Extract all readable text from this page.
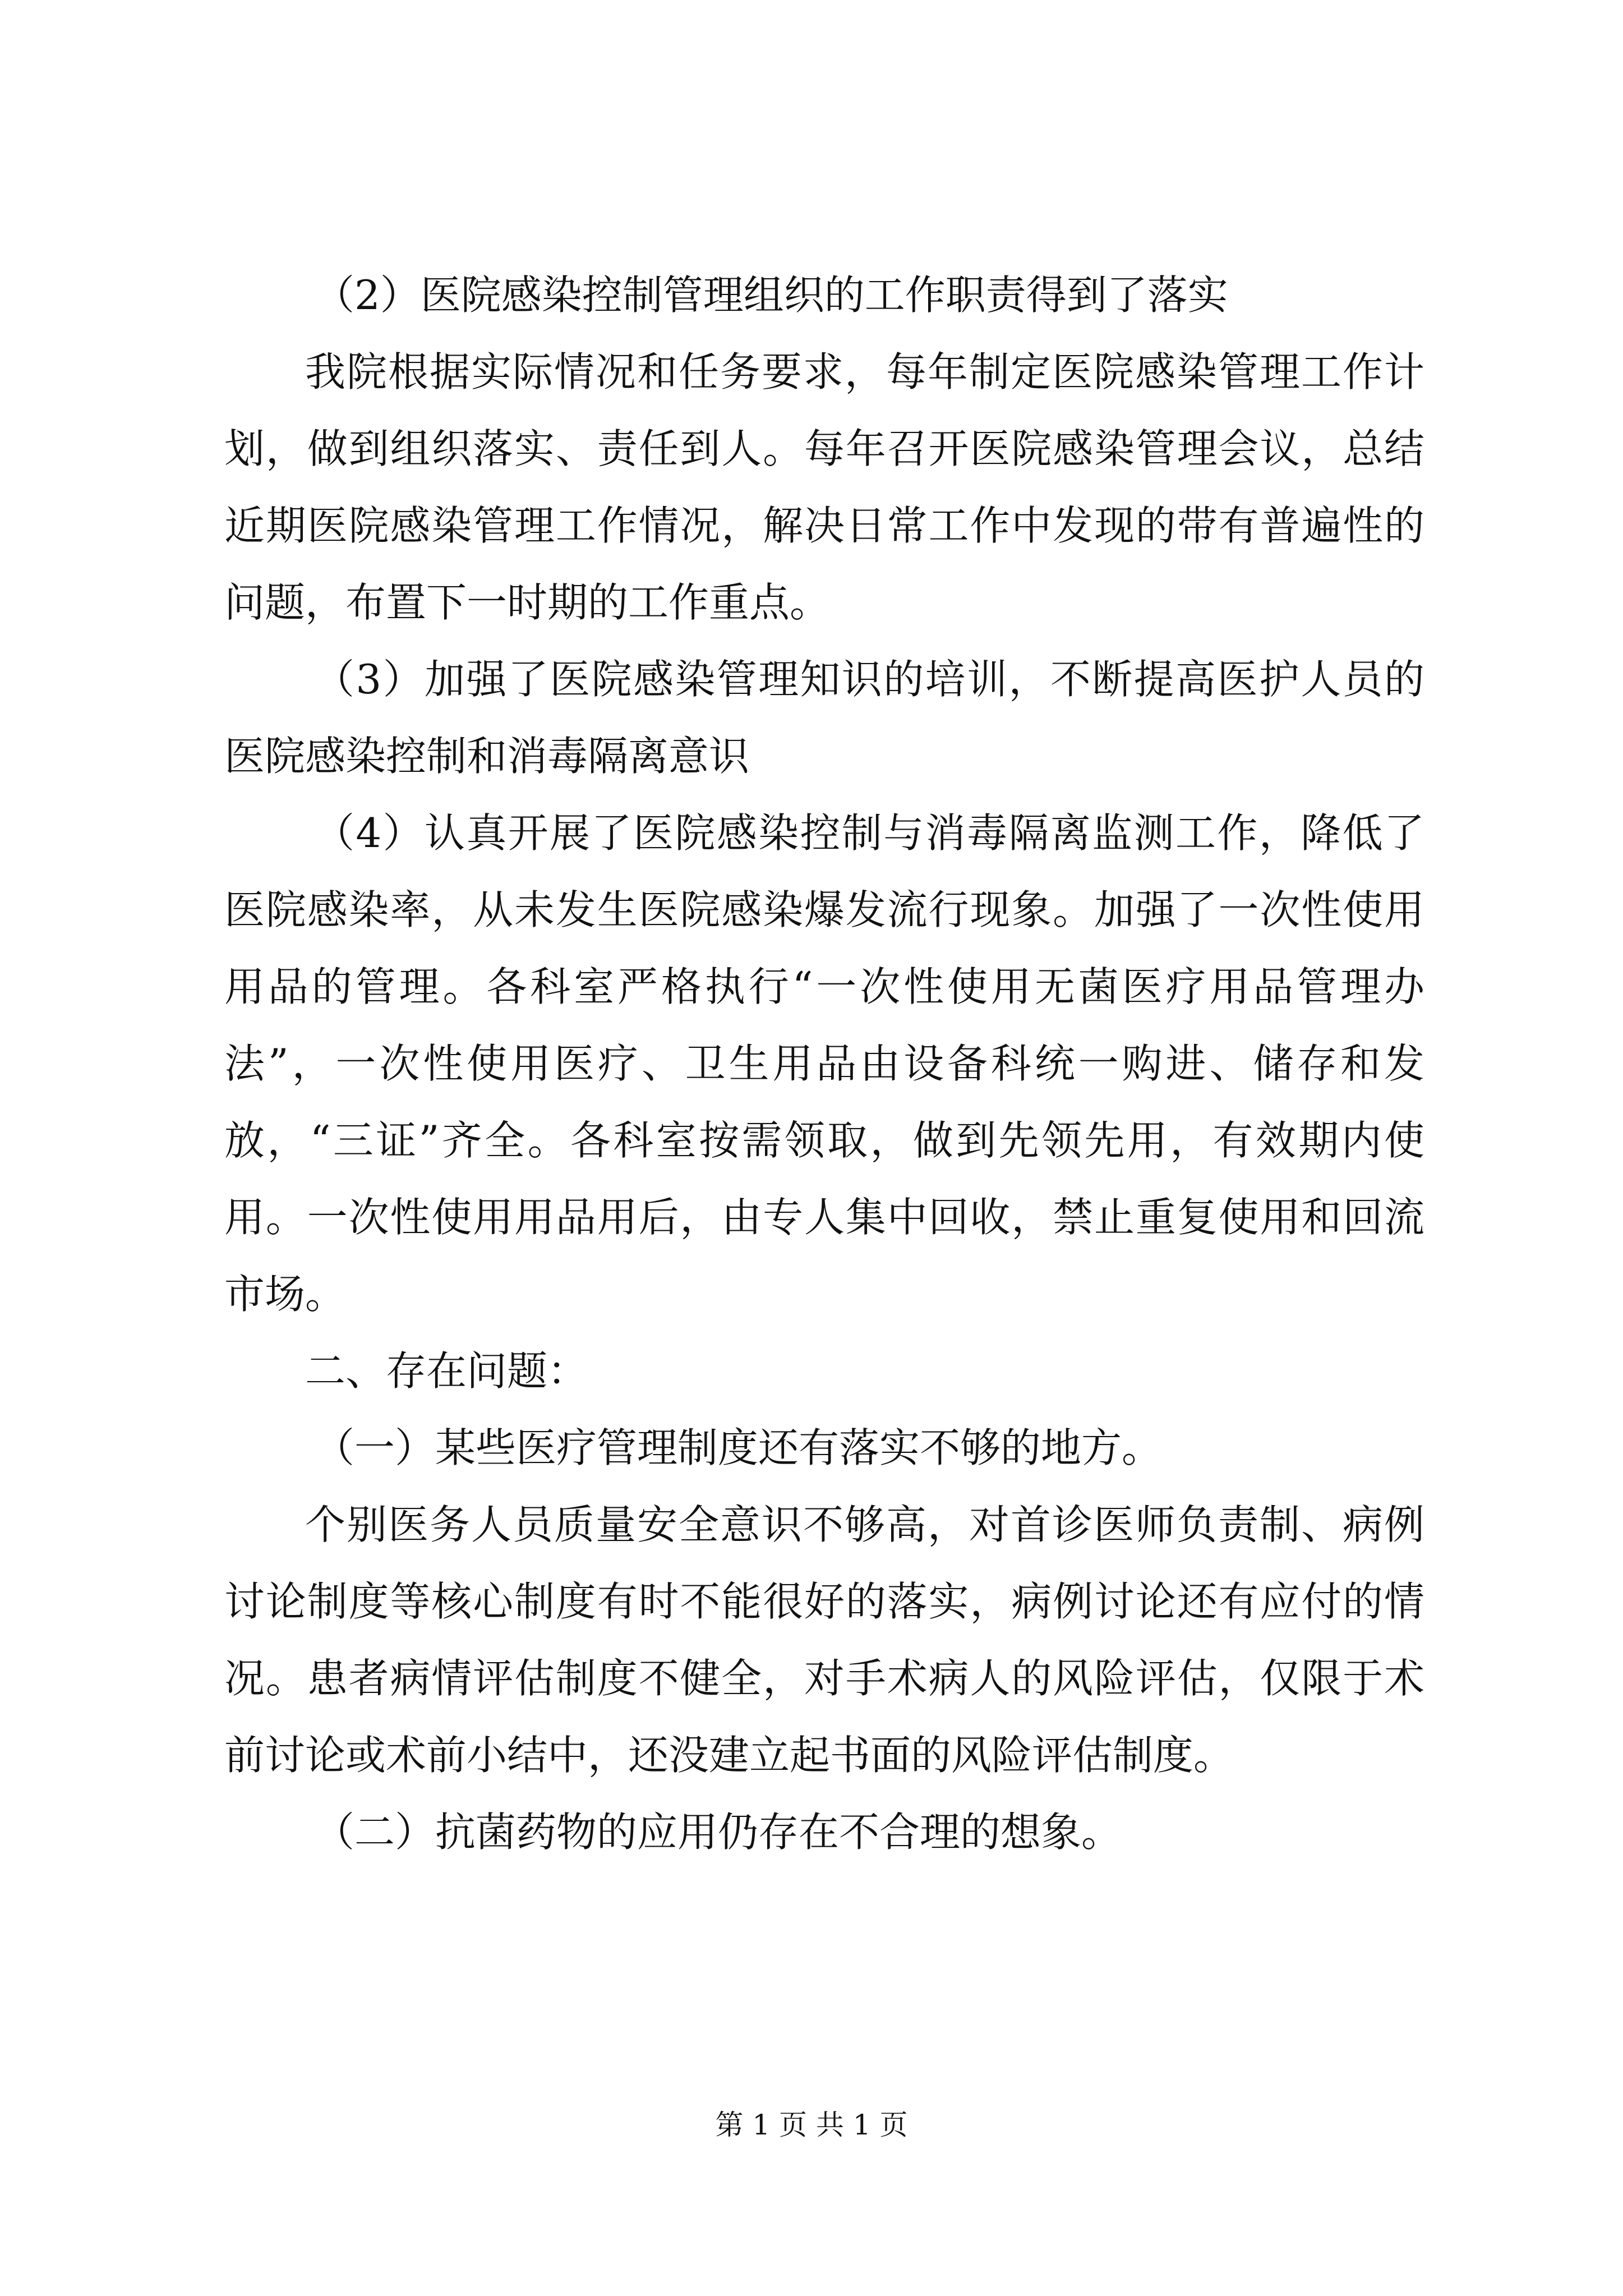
（2）医院感染控制管理组织的工作职责得到了落实

我院根据实际情况和任务要求，每年制定医院感染管理工作计划，做到组织落实、责任到人。每年召开医院感染管理会议，总结近期医院感染管理工作情况，解决日常工作中发现的带有普遍性的问题，布置下一时期的工作重点。

（3）加强了医院感染管理知识的培训，不断提高医护人员的医院感染控制和消毒隔离意识

（4）认真开展了医院感染控制与消毒隔离监测工作，降低了医院感染率，从未发生医院感染爆发流行现象。加强了一次性使用用品的管理。各科室严格执行“一次性使用无菌医疗用品管理办法”，一次性使用医疗、卫生用品由设备科统一购进、储存和发放，“三证”齐全。各科室按需领取，做到先领先用，有效期内使用。一次性使用用品用后，由专人集中回收，禁止重复使用和回流市场。

二、存在问题：

（一）某些医疗管理制度还有落实不够的地方。

个别医务人员质量安全意识不够高，对首诊医师负责制、病例讨论制度等核心制度有时不能很好的落实，病例讨论还有应付的情况。患者病情评估制度不健全，对手术病人的风险评估，仅限于术前讨论或术前小结中，还没建立起书面的风险评估制度。

（二）抗菌药物的应用仍存在不合理的想象。

第 1 页 共 1 页
